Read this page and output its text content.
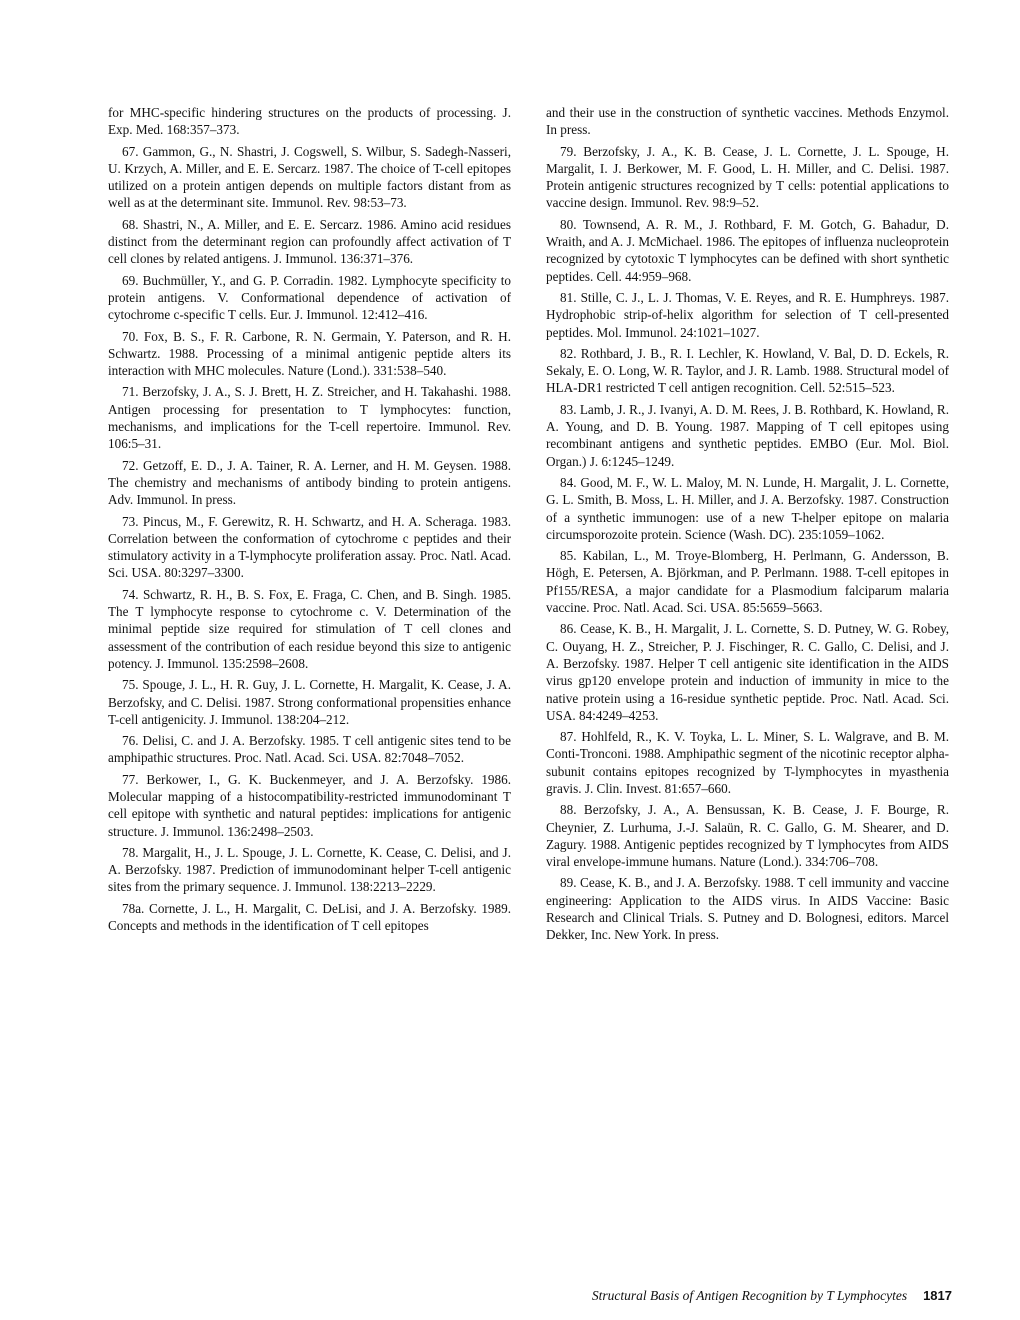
for MHC-specific hindering structures on the products of processing. J. Exp. Med. 168:357–373.

67. Gammon, G., N. Shastri, J. Cogswell, S. Wilbur, S. Sadegh-Nasseri, U. Krzych, A. Miller, and E. E. Sercarz. 1987. The choice of T-cell epitopes utilized on a protein antigen depends on multiple factors distant from as well as at the determinant site. Immunol. Rev. 98:53–73.

68. Shastri, N., A. Miller, and E. E. Sercarz. 1986. Amino acid residues distinct from the determinant region can profoundly affect activation of T cell clones by related antigens. J. Immunol. 136:371–376.

69. Buchmüller, Y., and G. P. Corradin. 1982. Lymphocyte specificity to protein antigens. V. Conformational dependence of activation of cytochrome c-specific T cells. Eur. J. Immunol. 12:412–416.

70. Fox, B. S., F. R. Carbone, R. N. Germain, Y. Paterson, and R. H. Schwartz. 1988. Processing of a minimal antigenic peptide alters its interaction with MHC molecules. Nature (Lond.). 331:538–540.

71. Berzofsky, J. A., S. J. Brett, H. Z. Streicher, and H. Takahashi. 1988. Antigen processing for presentation to T lymphocytes: function, mechanisms, and implications for the T-cell repertoire. Immunol. Rev. 106:5–31.

72. Getzoff, E. D., J. A. Tainer, R. A. Lerner, and H. M. Geysen. 1988. The chemistry and mechanisms of antibody binding to protein antigens. Adv. Immunol. In press.

73. Pincus, M., F. Gerewitz, R. H. Schwartz, and H. A. Scheraga. 1983. Correlation between the conformation of cytochrome c peptides and their stimulatory activity in a T-lymphocyte proliferation assay. Proc. Natl. Acad. Sci. USA. 80:3297–3300.

74. Schwartz, R. H., B. S. Fox, E. Fraga, C. Chen, and B. Singh. 1985. The T lymphocyte response to cytochrome c. V. Determination of the minimal peptide size required for stimulation of T cell clones and assessment of the contribution of each residue beyond this size to antigenic potency. J. Immunol. 135:2598–2608.

75. Spouge, J. L., H. R. Guy, J. L. Cornette, H. Margalit, K. Cease, J. A. Berzofsky, and C. Delisi. 1987. Strong conformational propensities enhance T-cell antigenicity. J. Immunol. 138:204–212.

76. Delisi, C. and J. A. Berzofsky. 1985. T cell antigenic sites tend to be amphipathic structures. Proc. Natl. Acad. Sci. USA. 82:7048–7052.

77. Berkower, I., G. K. Buckenmeyer, and J. A. Berzofsky. 1986. Molecular mapping of a histocompatibility-restricted immunodominant T cell epitope with synthetic and natural peptides: implications for antigenic structure. J. Immunol. 136:2498–2503.

78. Margalit, H., J. L. Spouge, J. L. Cornette, K. Cease, C. Delisi, and J. A. Berzofsky. 1987. Prediction of immunodominant helper T-cell antigenic sites from the primary sequence. J. Immunol. 138:2213–2229.

78a. Cornette, J. L., H. Margalit, C. DeLisi, and J. A. Berzofsky. 1989. Concepts and methods in the identification of T cell epitopes

and their use in the construction of synthetic vaccines. Methods Enzymol. In press.

79. Berzofsky, J. A., K. B. Cease, J. L. Cornette, J. L. Spouge, H. Margalit, I. J. Berkower, M. F. Good, L. H. Miller, and C. Delisi. 1987. Protein antigenic structures recognized by T cells: potential applications to vaccine design. Immunol. Rev. 98:9–52.

80. Townsend, A. R. M., J. Rothbard, F. M. Gotch, G. Bahadur, D. Wraith, and A. J. McMichael. 1986. The epitopes of influenza nucleoprotein recognized by cytotoxic T lymphocytes can be defined with short synthetic peptides. Cell. 44:959–968.

81. Stille, C. J., L. J. Thomas, V. E. Reyes, and R. E. Humphreys. 1987. Hydrophobic strip-of-helix algorithm for selection of T cell-presented peptides. Mol. Immunol. 24:1021–1027.

82. Rothbard, J. B., R. I. Lechler, K. Howland, V. Bal, D. D. Eckels, R. Sekaly, E. O. Long, W. R. Taylor, and J. R. Lamb. 1988. Structural model of HLA-DR1 restricted T cell antigen recognition. Cell. 52:515–523.

83. Lamb, J. R., J. Ivanyi, A. D. M. Rees, J. B. Rothbard, K. Howland, R. A. Young, and D. B. Young. 1987. Mapping of T cell epitopes using recombinant antigens and synthetic peptides. EMBO (Eur. Mol. Biol. Organ.) J. 6:1245–1249.

84. Good, M. F., W. L. Maloy, M. N. Lunde, H. Margalit, J. L. Cornette, G. L. Smith, B. Moss, L. H. Miller, and J. A. Berzofsky. 1987. Construction of a synthetic immunogen: use of a new T-helper epitope on malaria circumsporozoite protein. Science (Wash. DC). 235:1059–1062.

85. Kabilan, L., M. Troye-Blomberg, H. Perlmann, G. Andersson, B. Högh, E. Petersen, A. Björkman, and P. Perlmann. 1988. T-cell epitopes in Pf155/RESA, a major candidate for a Plasmodium falciparum malaria vaccine. Proc. Natl. Acad. Sci. USA. 85:5659–5663.

86. Cease, K. B., H. Margalit, J. L. Cornette, S. D. Putney, W. G. Robey, C. Ouyang, H. Z., Streicher, P. J. Fischinger, R. C. Gallo, C. Delisi, and J. A. Berzofsky. 1987. Helper T cell antigenic site identification in the AIDS virus gp120 envelope protein and induction of immunity in mice to the native protein using a 16-residue synthetic peptide. Proc. Natl. Acad. Sci. USA. 84:4249–4253.

87. Hohlfeld, R., K. V. Toyka, L. L. Miner, S. L. Walgrave, and B. M. Conti-Tronconi. 1988. Amphipathic segment of the nicotinic receptor alpha-subunit contains epitopes recognized by T-lymphocytes in myasthenia gravis. J. Clin. Invest. 81:657–660.

88. Berzofsky, J. A., A. Bensussan, K. B. Cease, J. F. Bourge, R. Cheynier, Z. Lurhuma, J.-J. Salaün, R. C. Gallo, G. M. Shearer, and D. Zagury. 1988. Antigenic peptides recognized by T lymphocytes from AIDS viral envelope-immune humans. Nature (Lond.). 334:706–708.

89. Cease, K. B., and J. A. Berzofsky. 1988. T cell immunity and vaccine engineering: Application to the AIDS virus. In AIDS Vaccine: Basic Research and Clinical Trials. S. Putney and D. Bolognesi, editors. Marcel Dekker, Inc. New York. In press.

Structural Basis of Antigen Recognition by T Lymphocytes 1817
